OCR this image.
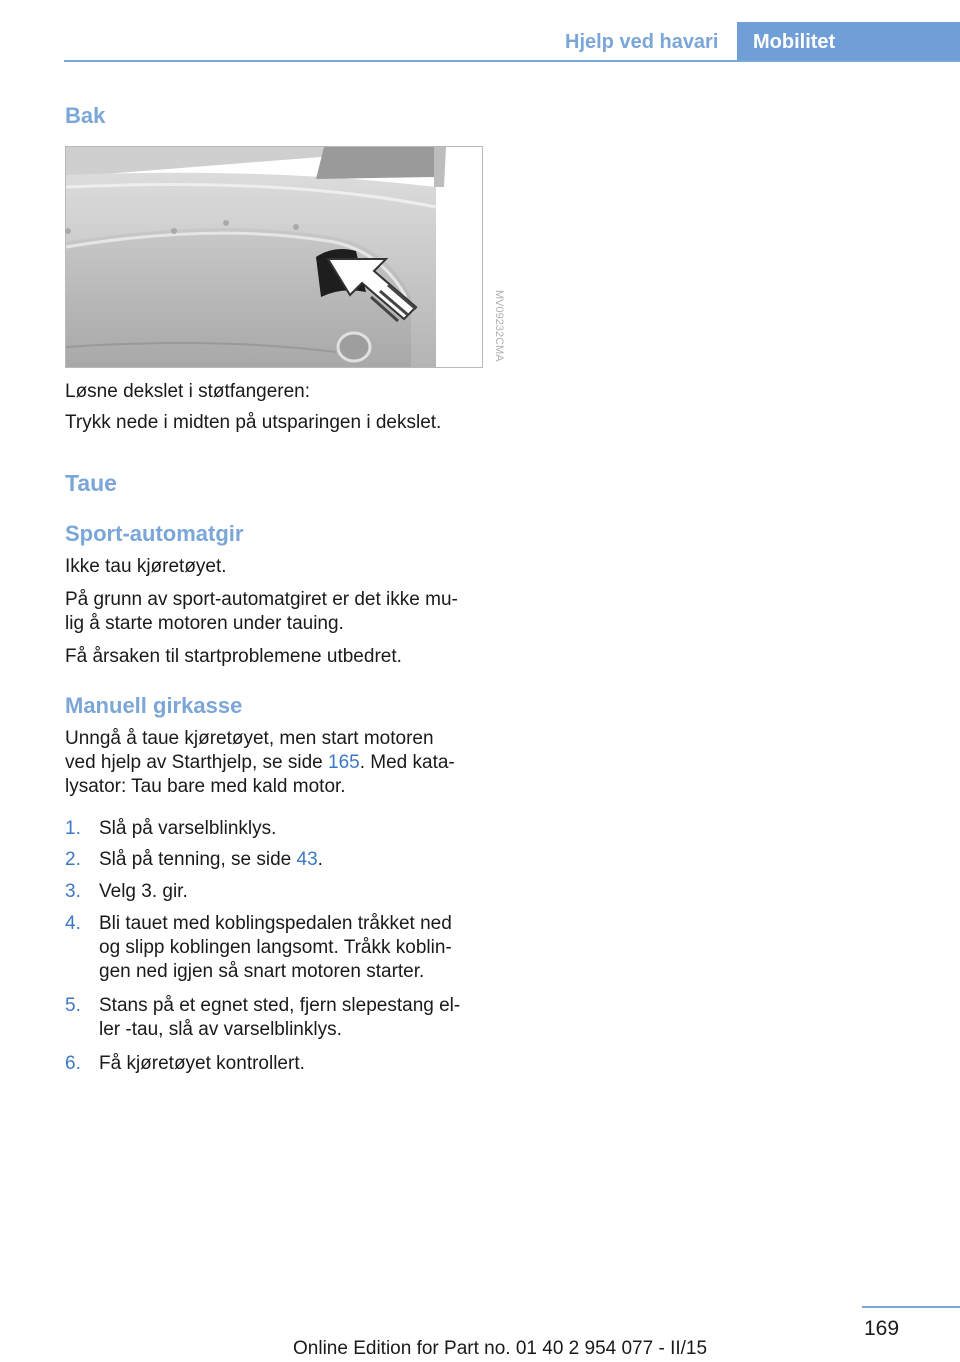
Hjelp ved havari Mobilitet
Bak
MV09232CMA

Løsne dekslet i støtfangeren:

Trykk nede i midten på utsparingen i dekslet.

Taue
Sport-automatgir

Ikke tau kjøretøyet.

På grunn av sport-automatgiret er det ikke mu‐
lig å starte motoren under tauing.

Få årsaken til startproblemene utbedret.

Manuell girkasse

Unngå å taue kjøretøyet, men start motoren
ved hjelp av Starthjelp, se side 165. Med kata‐
lysator: Tau bare med kald motor.

1. Slå på varselblinklys.
2. Slå på tenning, se side 43.
3. Velg 3. gir.
4. Bli tauet med koblingspedalen tråkket ned
og slipp koblingen langsomt. Tråkk koblin‐
gen ned igjen så snart motoren starter.
5. Stans på et egnet sted, fjern slepestang el‐
ler -tau, slå av varselblinklys.
6. Få kjøretøyet kontrollert.
169
Online Edition for Part no. 01 40 2 954 077 - II/15
